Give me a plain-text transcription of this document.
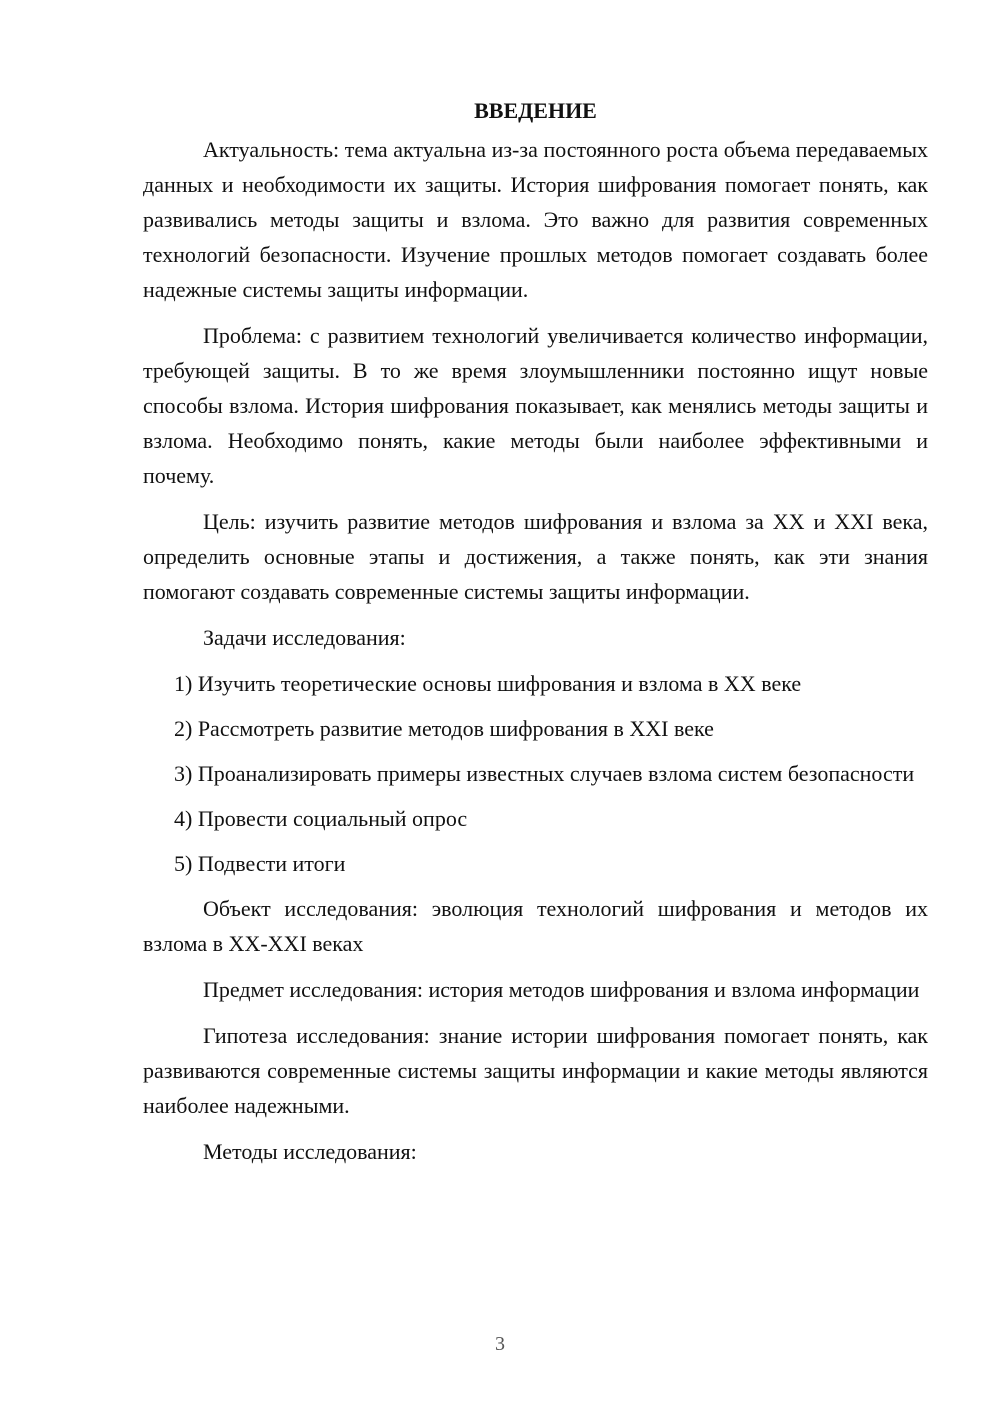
ВВЕДЕНИЕ

Актуальность: тема актуальна из-за постоянного роста объема передаваемых данных и необходимости их защиты. История шифрования помогает понять, как развивались методы защиты и взлома. Это важно для развития современных технологий безопасности. Изучение прошлых методов помогает создавать более надежные системы защиты информации.

Проблема: с развитием технологий увеличивается количество информации, требующей защиты. В то же время злоумышленники постоянно ищут новые способы взлома. История шифрования показывает, как менялись методы защиты и взлома. Необходимо понять, какие методы были наиболее эффективными и почему.

Цель: изучить развитие методов шифрования и взлома за XX и XXI века, определить основные этапы и достижения, а также понять, как эти знания помогают создавать современные системы защиты информации.

Задачи исследования:

1) Изучить теоретические основы шифрования и взлома в XX веке

2) Рассмотреть развитие методов шифрования в XXI веке

3) Проанализировать примеры известных случаев взлома систем безопасности

4) Провести социальный опрос

5) Подвести итоги

Объект исследования: эволюция технологий шифрования и методов их взлома в XX-XXI веках

Предмет исследования: история методов шифрования и взлома информации

Гипотеза исследования: знание истории шифрования помогает понять, как развиваются современные системы защиты информации и какие методы являются наиболее надежными.

Методы исследования:

3
